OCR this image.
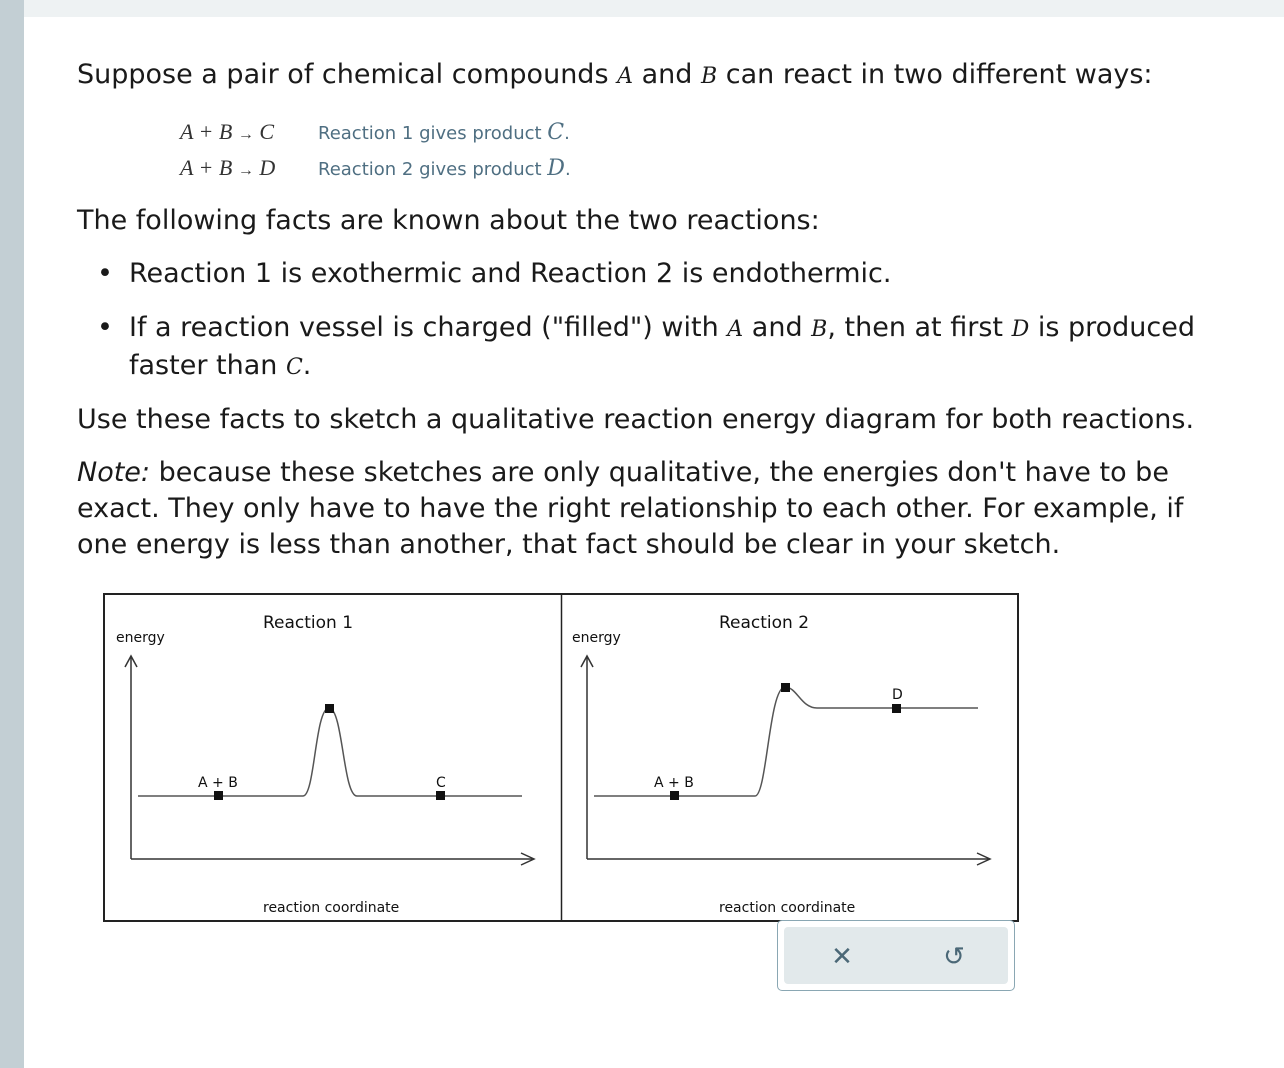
Suppose a pair of chemical compounds A and B can react in two different ways:
A + B → C	Reaction 1 gives product C.
A + B → D	Reaction 2 gives product D.
The following facts are known about the two reactions:
• Reaction 1 is exothermic and Reaction 2 is endothermic.
• If a reaction vessel is charged ("filled") with A and B, then at first D is produced
faster than C.
Use these facts to sketch a qualitative reaction energy diagram for both reactions.
Note: because these sketches are only qualitative, the energies don't have to be
exact. They only have to have the right relationship to each other. For example, if
one energy is less than another, that fact should be clear in your sketch.
Reaction 1
energy
reaction coordinate
A + B	C
Reaction 2
energy
reaction coordinate
A + B
D
✕	↺
